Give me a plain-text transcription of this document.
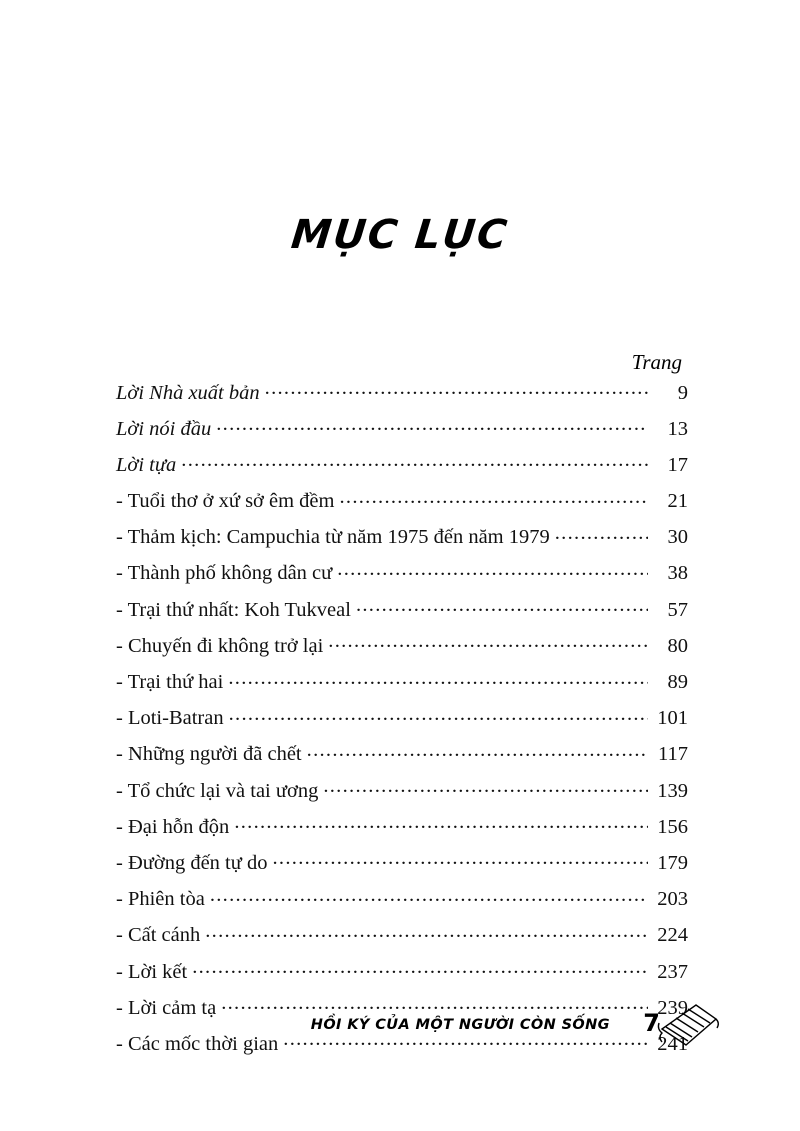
MỤC LỤC
Trang
Lời Nhà xuất bản .....	9
Lời nói đầu .....	13
Lời tựa .....	17
- Tuổi thơ ở xứ sở êm đềm .....	21
- Thảm kịch: Campuchia từ năm 1975 đến năm 1979 .....	30
- Thành phố không dân cư .....	38
- Trại thứ nhất: Koh Tukveal .....	57
- Chuyến đi không trở lại .....	80
- Trại thứ hai .....	89
- Loti-Batran .....	101
- Những người đã chết .....	117
- Tổ chức lại và tai ương .....	139
- Đại hỗn độn .....	156
- Đường đến tự do .....	179
- Phiên tòa .....	203
- Cất cánh .....	224
- Lời kết .....	237
- Lời cảm tạ .....	239
- Các mốc thời gian .....	241
HỒI KÝ CỦA MỘT NGƯỜI CÒN SỐNG 7
